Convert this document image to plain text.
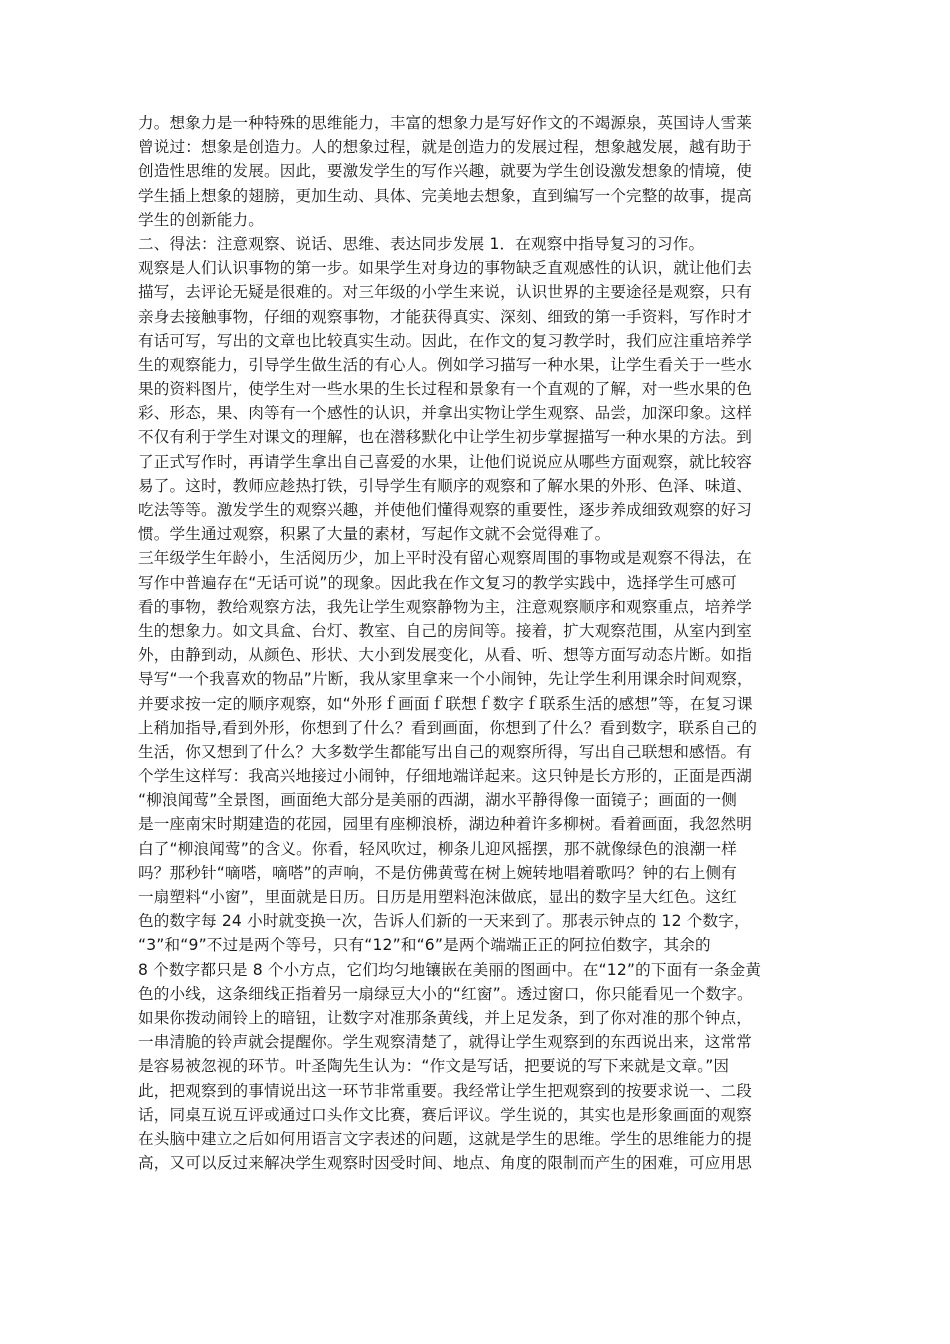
力。想象力是一种特殊的思维能力，丰富的想象力是写好作文的不竭源泉，英国诗人雪莱
曾说过：想象是创造力。人的想象过程，就是创造力的发展过程，想象越发展，越有助于
创造性思维的发展。因此，要激发学生的写作兴趣，就要为学生创设激发想象的情境，使
学生插上想象的翅膀，更加生动、具体、完美地去想象，直到编写一个完整的故事，提高
学生的创新能力。
二、得法：注意观察、说话、思维、表达同步发展 1．在观察中指导复习的习作。
观察是人们认识事物的第一步。如果学生对身边的事物缺乏直观感性的认识，就让他们去
描写，去评论无疑是很难的。对三年级的小学生来说，认识世界的主要途径是观察，只有
亲身去接触事物，仔细的观察事物，才能获得真实、深刻、细致的第一手资料，写作时才
有话可写，写出的文章也比较真实生动。因此，在作文的复习教学时，我们应注重培养学
生的观察能力，引导学生做生活的有心人。例如学习描写一种水果，让学生看关于一些水
果的资料图片，使学生对一些水果的生长过程和景象有一个直观的了解，对一些水果的色
彩、形态，果、肉等有一个感性的认识，并拿出实物让学生观察、品尝，加深印象。这样
不仅有利于学生对课文的理解，也在潜移默化中让学生初步掌握描写一种水果的方法。到
了正式写作时，再请学生拿出自己喜爱的水果，让他们说说应从哪些方面观察，就比较容
易了。这时，教师应趁热打铁，引导学生有顺序的观察和了解水果的外形、色泽、味道、
吃法等等。激发学生的观察兴趣，并使他们懂得观察的重要性，逐步养成细致观察的好习
惯。学生通过观察，积累了大量的素材，写起作文就不会觉得难了。
三年级学生年龄小，生活阅历少，加上平时没有留心观察周围的事物或是观察不得法，在
写作中普遍存在“无话可说”的现象。因此我在作文复习的教学实践中，选择学生可感可
看的事物，教给观察方法，我先让学生观察静物为主，注意观察顺序和观察重点，培养学
生的想象力。如文具盒、台灯、教室、自己的房间等。接着，扩大观察范围，从室内到室
外，由静到动，从颜色、形状、大小到发展变化，从看、听、想等方面写动态片断。如指
导写“一个我喜欢的物品”片断，我从家里拿来一个小闹钟，先让学生利用课余时间观察，
并要求按一定的顺序观察，如“外形ｆ画面ｆ联想ｆ数字ｆ联系生活的感想”等，在复习课
上稍加指导,看到外形，你想到了什么？看到画面，你想到了什么？看到数字，联系自己的
生活，你又想到了什么？大多数学生都能写出自己的观察所得，写出自己联想和感悟。有
个学生这样写：我高兴地接过小闹钟，仔细地端详起来。这只钟是长方形的，正面是西湖
“柳浪闻莺”全景图，画面绝大部分是美丽的西湖，湖水平静得像一面镜子；画面的一侧
是一座南宋时期建造的花园，园里有座柳浪桥，湖边种着许多柳树。看着画面，我忽然明
白了“柳浪闻莺”的含义。你看，轻风吹过，柳条儿迎风摇摆，那不就像绿色的浪潮一样
吗？那秒针“嘀嗒，嘀嗒”的声响，不是仿佛黄莺在树上婉转地唱着歌吗？钟的右上侧有
一扇塑料“小窗”，里面就是日历。日历是用塑料泡沫做底，显出的数字呈大红色。这红
色的数字每 24 小时就变换一次，告诉人们新的一天来到了。那表示钟点的 12 个数字，
“3”和“9”不过是两个等号，只有“12”和“6”是两个端端正正的阿拉伯数字，其余的
8 个数字都只是 8 个小方点，它们均匀地镶嵌在美丽的图画中。在“12”的下面有一条金黄
色的小线，这条细线正指着另一扇绿豆大小的“红窗”。透过窗口，你只能看见一个数字。
如果你拨动闹铃上的暗钮，让数字对准那条黄线，并上足发条，到了你对准的那个钟点，
一串清脆的铃声就会提醒你。学生观察清楚了，就得让学生观察到的东西说出来，这常常
是容易被忽视的环节。叶圣陶先生认为：“作文是写话，把要说的写下来就是文章。”因
此，把观察到的事情说出这一环节非常重要。我经常让学生把观察到的按要求说一、二段
话，同桌互说互评或通过口头作文比赛，赛后评议。学生说的，其实也是形象画面的观察
在头脑中建立之后如何用语言文字表述的问题，这就是学生的思维。学生的思维能力的提
高，又可以反过来解决学生观察时因受时间、地点、角度的限制而产生的困难，可应用思
